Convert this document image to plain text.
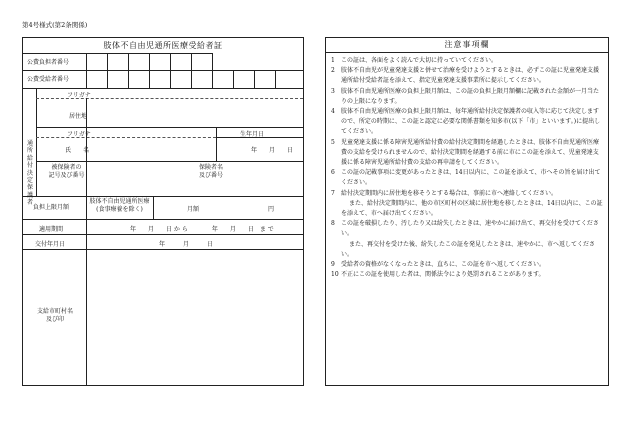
第4号様式(第2条関係)
肢体不自由児通所医療受給者証
公費負担者番号
公費受給者番号
通所給付決定保護者
フリガナ
居住地
フリガナ	生年月日
氏　　名	年　　月　　日
被保険者の
記号及び番号
保険者名
及び番号
負担上限月額
肢体不自由児通所医療
(食事療養を除く)	月額	円
適用期間	年　　月　　日 か ら　　　　年　　月　　日　ま で
交付年月日	年　　　月　　　日
支給市町村名
及び印
注意事項欄
1	この証は、各面をよく読んで大切に持っていてください。
2	肢体不自由児が児童発達支援と併せて治療を受けようとするときは、必ずこの証に児童発達支援通所給付受給者証を添えて、指定児童発達支援事業所に提示してください。
3	肢体不自由児通所医療の負担上限月額は、この証の負担上限月額欄に記載された金額が一月当たりの上限になります。
4	肢体不自由児通所医療の負担上限月額は、毎年通所給付決定保護者の収入等に応じて決定しますので、所定の時期に、この証と認定に必要な関係書類を知多市(以下「市」といいます。)に提出してください。
5	児童発達支援に係る障害児通所給付費の給付決定期間を経過したときは、肢体不自由児通所医療費の支給を受けられませんので、給付決定期間を経過する前に市にこの証を添えて、児童発達支援に係る障害児通所給付費の支給の再申請をしてください。
6	この証の記載事項に変更があったときは、14日以内に、この証を添えて、市へその旨を届け出てください。
7	給付決定期間内に居住地を移そうとする場合は、事前に市へ連絡してください。
また、給付決定期間内に、他の市区町村の区域に居住地を移したときは、14日以内に、この証を添えて、市へ届け出てください。
8	この証を破損したり、汚したり又は紛失したときは、速やかに届け出て、再交付を受けてください。
また、再交付を受けた後、紛失したこの証を発見したときは、速やかに、市へ返してください。
9	受給者の資格がなくなったときは、直ちに、この証を市へ返してください。
10 不正にこの証を使用した者は、関係法令により処罰されることがあります。
